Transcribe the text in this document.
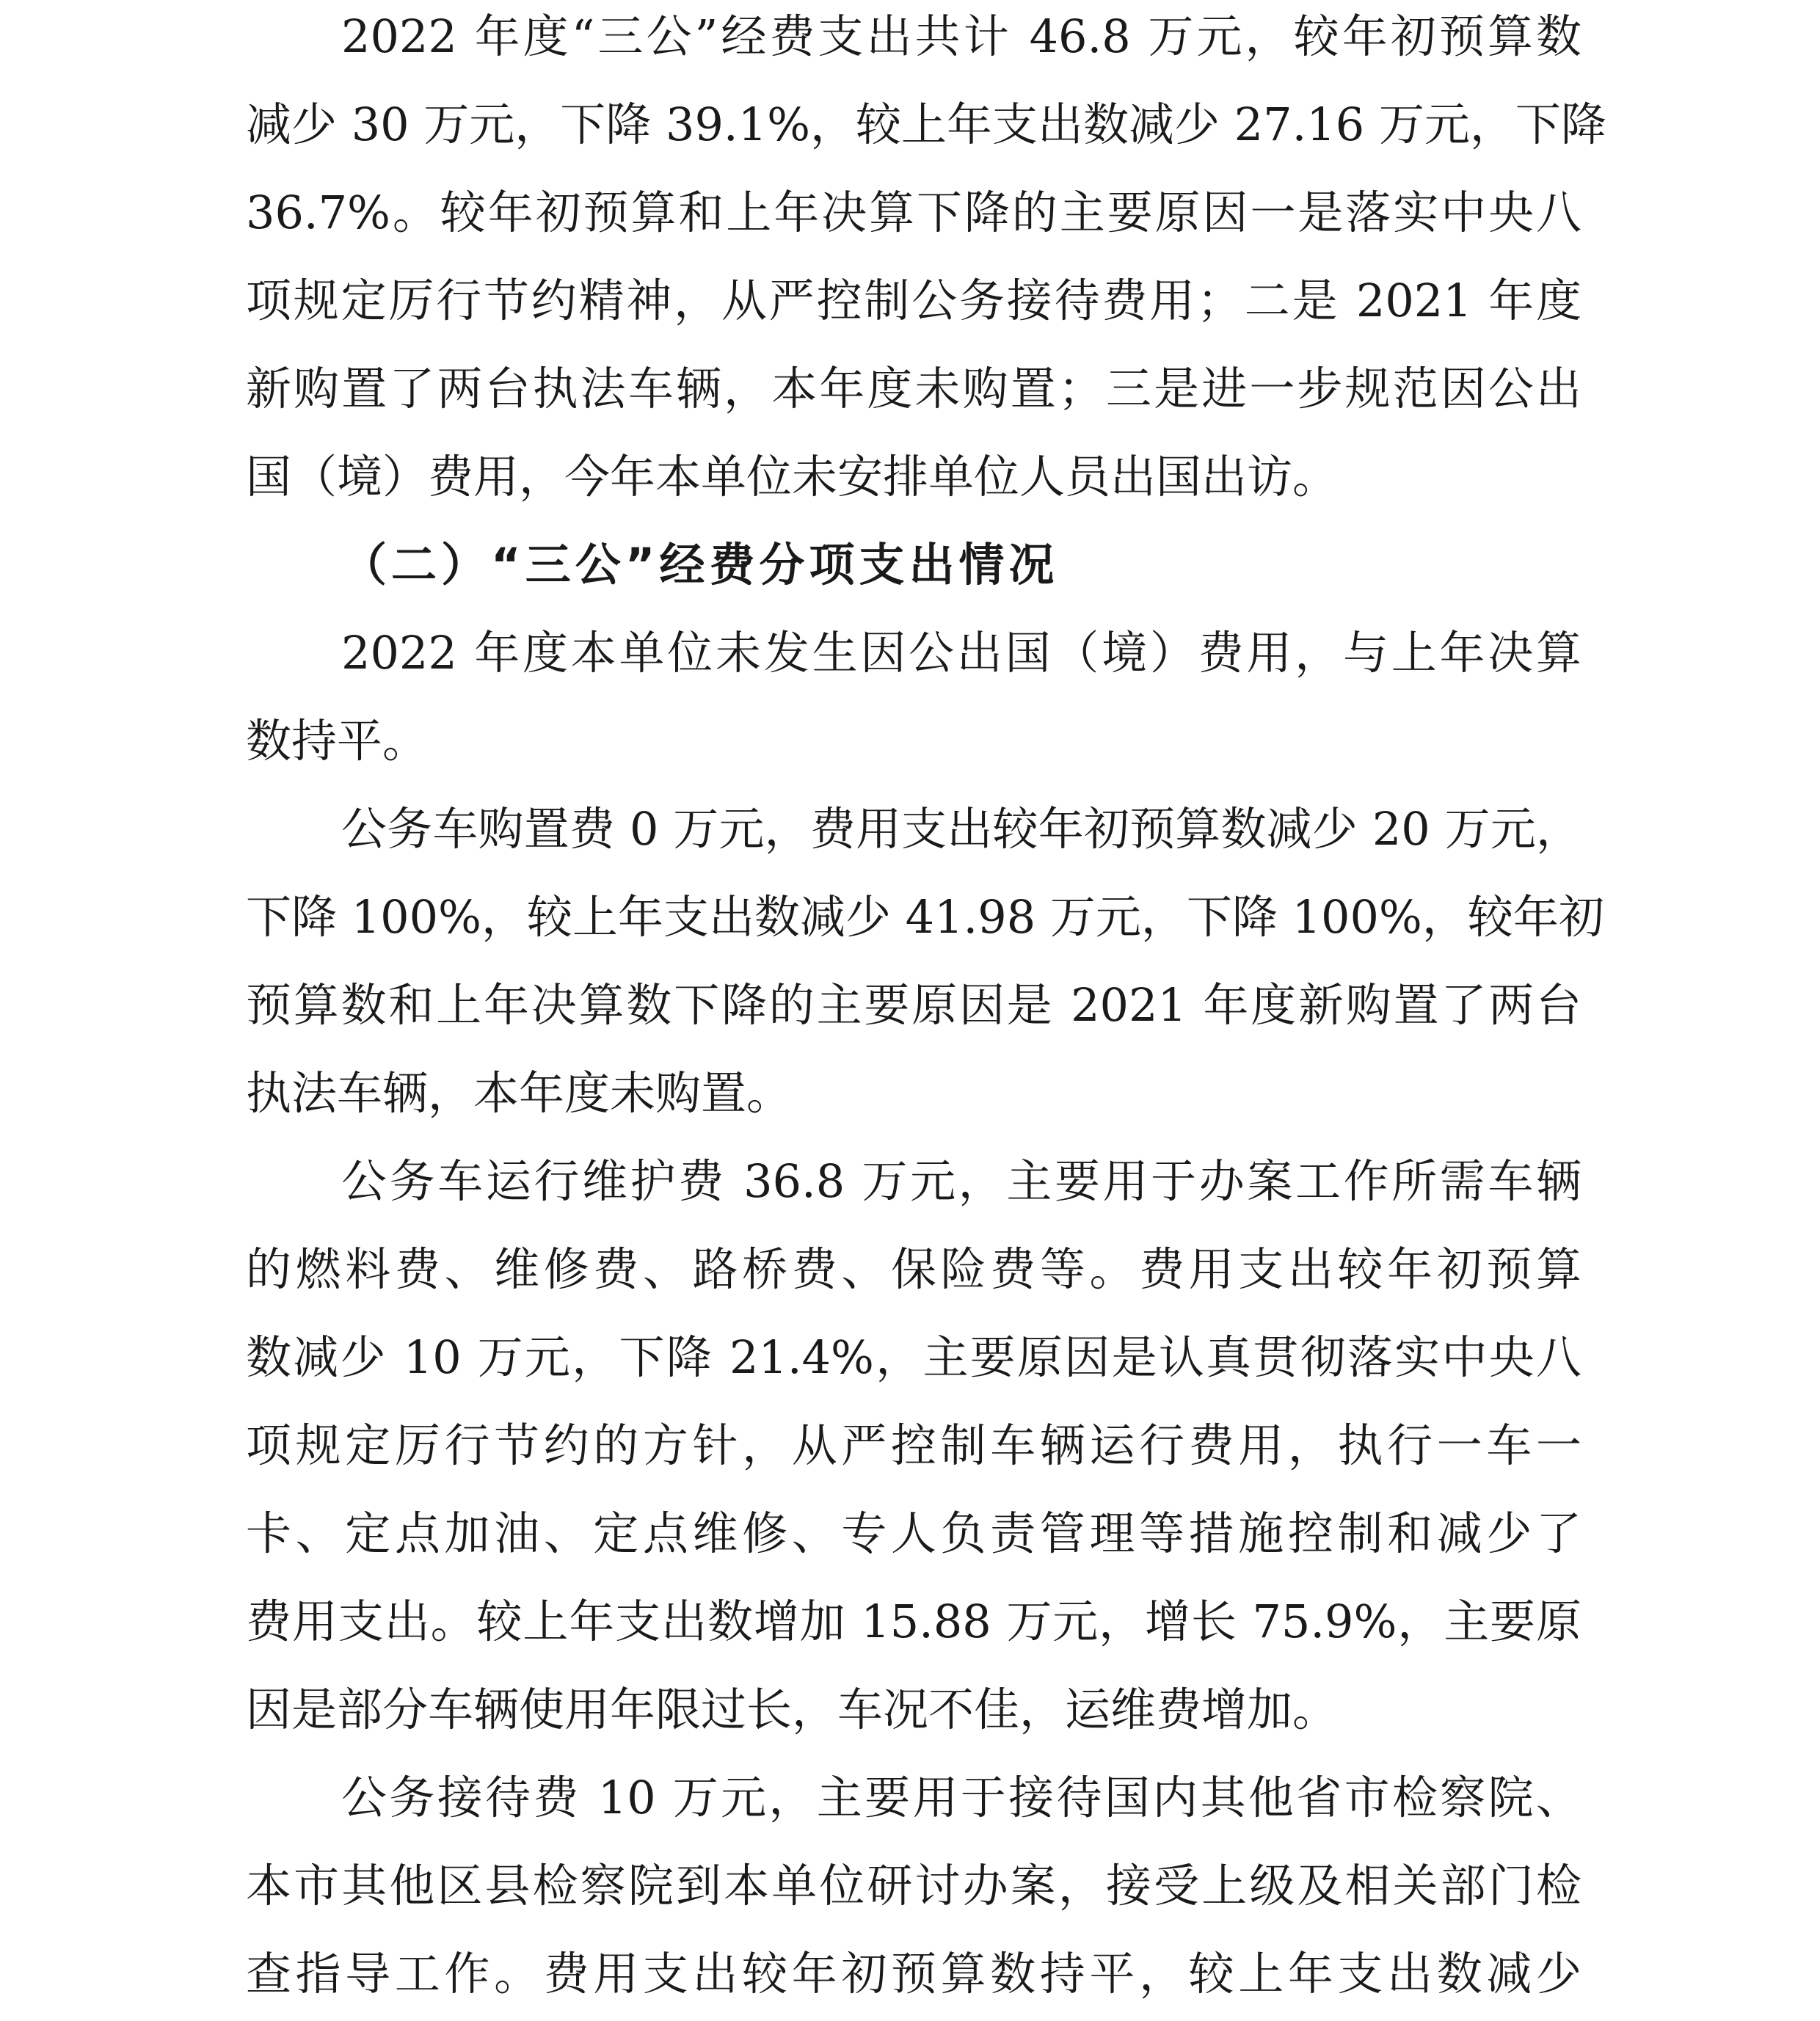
2022 年度“三公”经费支出共计 46.8 万元，较年初预算数
减少 30 万元，下降 39.1%，较上年支出数减少 27.16 万元，下降
36.7%。较年初预算和上年决算下降的主要原因一是落实中央八
项规定厉行节约精神，从严控制公务接待费用；二是 2021 年度
新购置了两台执法车辆，本年度未购置；三是进一步规范因公出
国（境）费用，今年本单位未安排单位人员出国出访。
（二）“三公”经费分项支出情况
2022 年度本单位未发生因公出国（境）费用，与上年决算
数持平。
公务车购置费 0 万元，费用支出较年初预算数减少 20 万元，
下降 100%，较上年支出数减少 41.98 万元，下降 100%，较年初
预算数和上年决算数下降的主要原因是 2021 年度新购置了两台
执法车辆，本年度未购置。
公务车运行维护费 36.8 万元，主要用于办案工作所需车辆
的燃料费、维修费、路桥费、保险费等。费用支出较年初预算
数减少 10 万元，下降 21.4%，主要原因是认真贯彻落实中央八
项规定厉行节约的方针，从严控制车辆运行费用，执行一车一
卡、定点加油、定点维修、专人负责管理等措施控制和减少了
费用支出。较上年支出数增加 15.88 万元，增长 75.9%，主要原
因是部分车辆使用年限过长，车况不佳，运维费增加。
公务接待费 10 万元，主要用于接待国内其他省市检察院、
本市其他区县检察院到本单位研讨办案，接受上级及相关部门检
查指导工作。费用支出较年初预算数持平，较上年支出数减少
